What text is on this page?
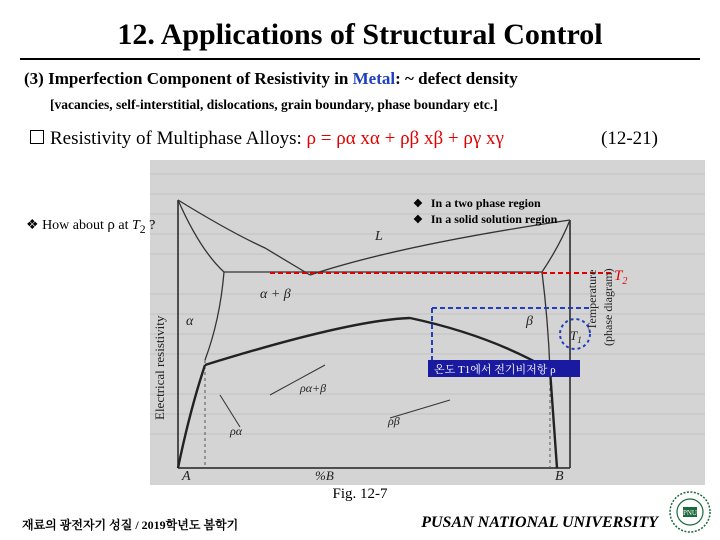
12. Applications of Structural Control
(3) Imperfection Component of Resistivity in Metal: ~ defect density
[vacancies, self-interstitial, dislocations, grain boundary, phase boundary etc.]
Resistivity of Multiphase Alloys: ρ = ρα xα + ρβ xβ + ργ xγ	(12-21)
$T_2$
$T_1$
온도 T1에서 전기비저항 ρ
Electrical resistivity
Temperature (phase diagram)
α + β
α	β
L
ρα+β
ρα
ρβ
A	%B	B
❖ How about ρ at $T_2$ ?
❖ In a two phase region
❖ In a solid solution region
Fig. 12-7
재료의 광전자기 성질 / 2019학년도 봄학기	PUSAN NATIONAL UNIVERSITY
PNU
